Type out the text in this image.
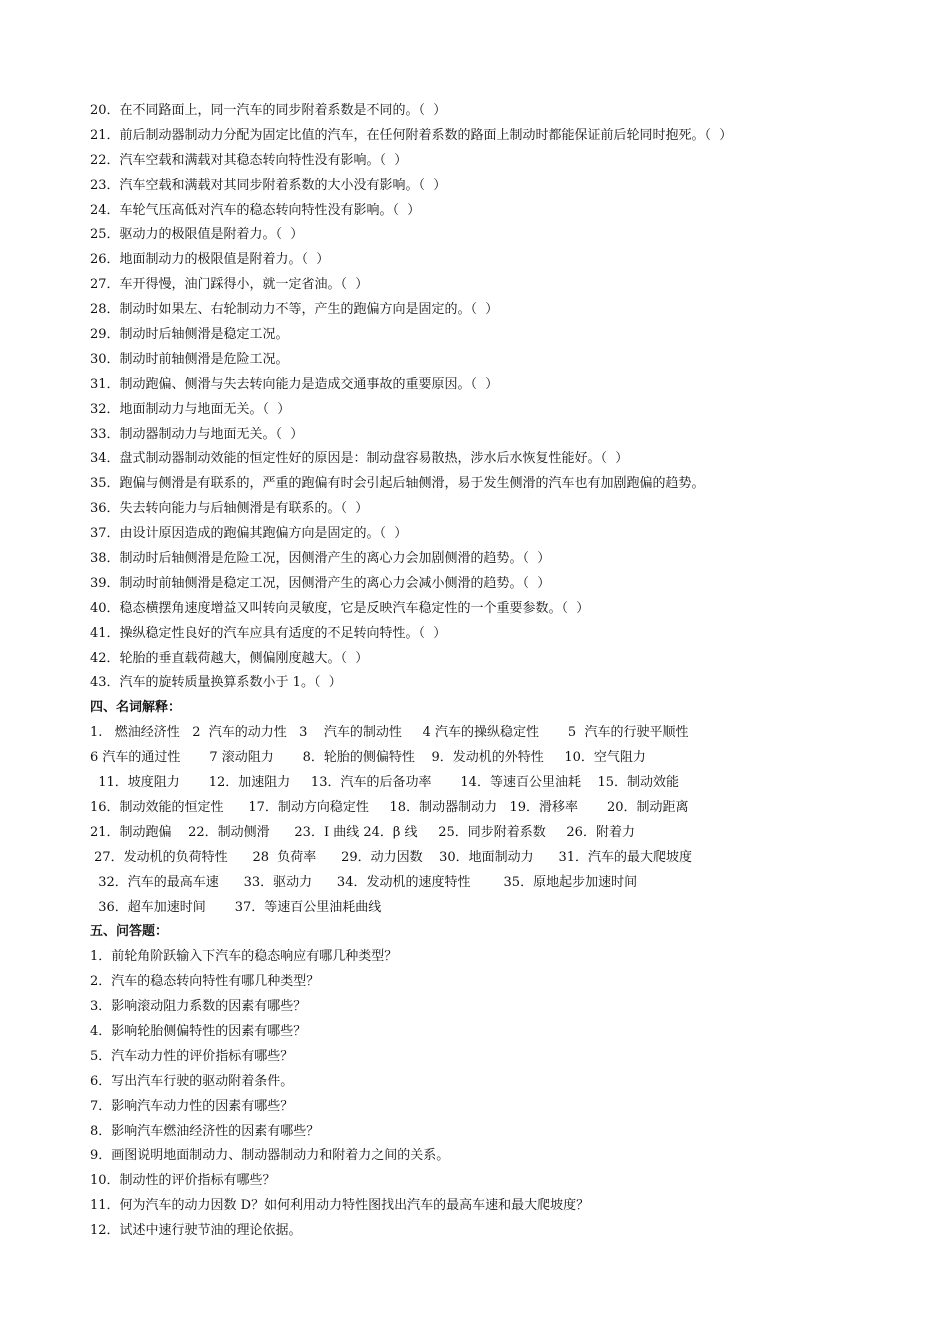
20．在不同路面上，同一汽车的同步附着系数是不同的。（  ）
21．前后制动器制动力分配为固定比值的汽车，在任何附着系数的路面上制动时都能保证前后轮同时抱死。（  ）
22．汽车空载和满载对其稳态转向特性没有影响。（  ）
23．汽车空载和满载对其同步附着系数的大小没有影响。（  ）
24．车轮气压高低对汽车的稳态转向特性没有影响。（  ）
25．驱动力的极限值是附着力。（  ）
26．地面制动力的极限值是附着力。（  ）
27．车开得慢，油门踩得小，就一定省油。（  ）
28．制动时如果左、右轮制动力不等，产生的跑偏方向是固定的。（  ）
29．制动时后轴侧滑是稳定工况。
30．制动时前轴侧滑是危险工况。
31．制动跑偏、侧滑与失去转向能力是造成交通事故的重要原因。（  ）
32．地面制动力与地面无关。（  ）
33．制动器制动力与地面无关。（  ）
34．盘式制动器制动效能的恒定性好的原因是：制动盘容易散热，涉水后水恢复性能好。（  ）
35．跑偏与侧滑是有联系的，严重的跑偏有时会引起后轴侧滑，易于发生侧滑的汽车也有加剧跑偏的趋势。
36．失去转向能力与后轴侧滑是有联系的。（  ）
37．由设计原因造成的跑偏其跑偏方向是固定的。（  ）
38．制动时后轴侧滑是危险工况，因侧滑产生的离心力会加剧侧滑的趋势。（  ）
39．制动时前轴侧滑是稳定工况，因侧滑产生的离心力会减小侧滑的趋势。（  ）
40．稳态横摆角速度增益又叫转向灵敏度，它是反映汽车稳定性的一个重要参数。（  ）
41．操纵稳定性良好的汽车应具有适度的不足转向特性。（  ）
42．轮胎的垂直载荷越大，侧偏刚度越大。（  ）
43．汽车的旋转质量换算系数小于 1。（  ）
四、名词解释：
1.   燃油经济性   2  汽车的动力性   3    汽车的制动性     4 汽车的操纵稳定性       5  汽车的行驶平顺性
6 汽车的通过性       7 滚动阻力       8．轮胎的侧偏特性    9．发动机的外特性     10．空气阻力
11．坡度阻力       12．加速阻力     13．汽车的后备功率       14．等速百公里油耗    15．制动效能
16．制动效能的恒定性      17．制动方向稳定性     18．制动器制动力   19．滑移率       20．制动距离
21．制动跑偏    22．制动侧滑      23．I 曲线 24．β 线     25．同步附着系数     26．附着力
27．发动机的负荷特性      28  负荷率      29．动力因数    30．地面制动力      31．汽车的最大爬坡度
32．汽车的最高车速      33．驱动力      34．发动机的速度特性        35．原地起步加速时间
36．超车加速时间       37．等速百公里油耗曲线
五、问答题：
1．前轮角阶跃输入下汽车的稳态响应有哪几种类型？
2．汽车的稳态转向特性有哪几种类型？
3．影响滚动阻力系数的因素有哪些？
4．影响轮胎侧偏特性的因素有哪些？
5．汽车动力性的评价指标有哪些？
6．写出汽车行驶的驱动附着条件。
7．影响汽车动力性的因素有哪些？
8．影响汽车燃油经济性的因素有哪些？
9．画图说明地面制动力、制动器制动力和附着力之间的关系。
10．制动性的评价指标有哪些？
11．何为汽车的动力因数 D？如何利用动力特性图找出汽车的最高车速和最大爬坡度？
12．试述中速行驶节油的理论依据。
